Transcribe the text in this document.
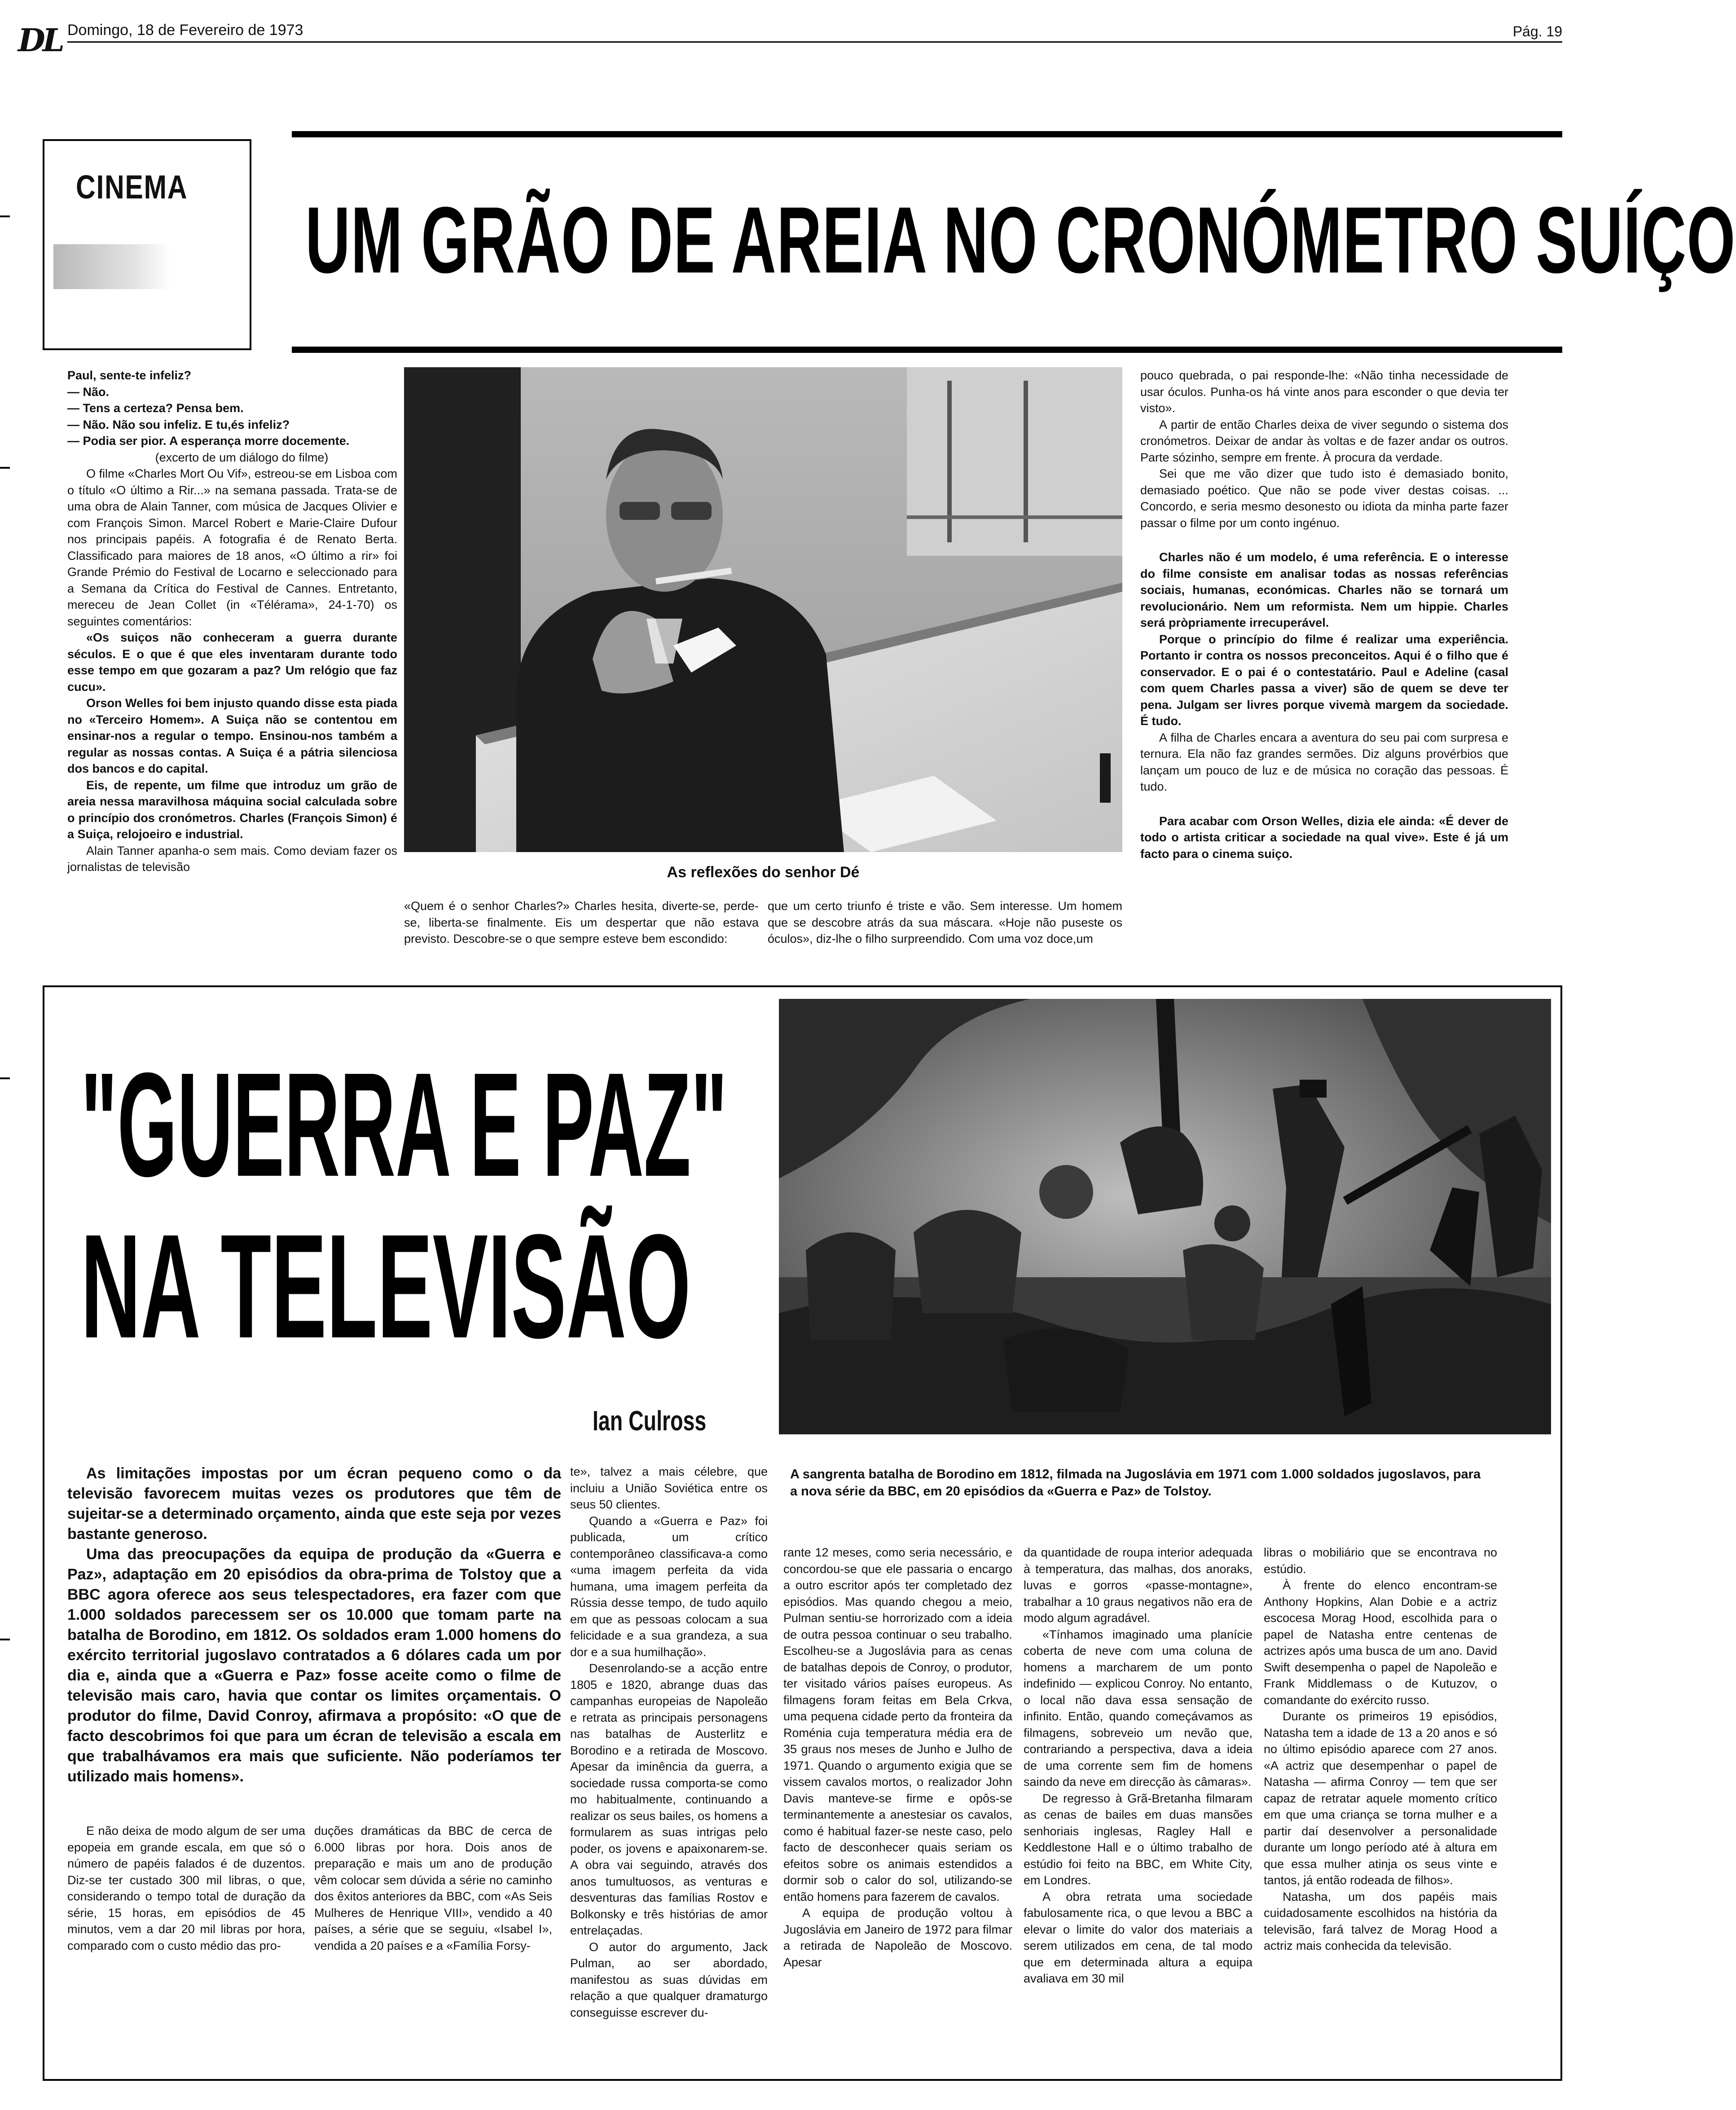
DL Domingo, 18 de Fevereiro de 1973	Pág. 19
CINEMA
UM GRÃO DE AREIA NO CRONÓMETRO SUÍÇO

Paul, sente-te infeliz?

— Não.

— Tens a certeza? Pensa bem.

— Não. Não sou infeliz. E tu,és infeliz?

— Podia ser pior. A esperança morre docemente.

(excerto de um diálogo do filme)

O filme «Charles Mort Ou Vif», estreou-se em Lisboa com o título «O último a Rir...» na semana passada. Trata-se de uma obra de Alain Tanner, com música de Jacques Olivier e com François Simon. Marcel Robert e Marie-Claire Dufour nos principais papéis. A fotografia é de Renato Berta. Classificado para maiores de 18 anos, «O último a rir» foi Grande Prémio do Festival de Locarno e seleccionado para a Semana da Crítica do Festival de Cannes. Entretanto, mereceu de Jean Collet (in «Télérama», 24-1-70) os seguintes comentários:

«Os suiços não conheceram a guerra durante séculos. E o que é que eles inventaram durante todo esse tempo em que gozaram a paz? Um relógio que faz cucu».

Orson Welles foi bem injusto quando disse esta piada no «Terceiro Homem». A Suiça não se contentou em ensinar-nos a regular o tempo. Ensinou-nos também a regular as nossas contas. A Suiça é a pátria silenciosa dos bancos e do capital.

Eis, de repente, um filme que introduz um grão de areia nessa maravilhosa máquina social calculada sobre o princípio dos cronómetros. Charles (François Simon) é a Suiça, relojoeiro e industrial.

Alain Tanner apanha-o sem mais. Como deviam fazer os jornalistas de televisão	As reflexões do senhor Dé

«Quem é o senhor Charles?» Charles hesita, diverte-se, perde-se, liberta-se finalmente. Eis um despertar que não estava previsto. Descobre-se o que sempre esteve bem escondido:

que um certo triunfo é triste e vão. Sem interesse. Um homem que se descobre atrás da sua máscara. «Hoje não puseste os óculos», diz-lhe o filho surpreendido. Com uma voz doce,um

pouco quebrada, o pai responde-lhe: «Não tinha necessidade de usar óculos. Punha-os há vinte anos para esconder o que devia ter visto».

A partir de então Charles deixa de viver segundo o sistema dos cronómetros. Deixar de andar às voltas e de fazer andar os outros. Parte sózinho, sempre em frente. À procura da verdade.

Sei que me vão dizer que tudo isto é demasiado bonito, demasiado poético. Que não se pode viver destas coisas. ... Concordo, e seria mesmo desonesto ou idiota da minha parte fazer passar o filme por um conto ingénuo.

Charles não é um modelo, é uma referência. E o interesse do filme consiste em analisar todas as nossas referências sociais, humanas, económicas. Charles não se tornará um revolucionário. Nem um reformista. Nem um hippie. Charles será pròpriamente irrecuperável.

Porque o princípio do filme é realizar uma experiência. Portanto ir contra os nossos preconceitos. Aqui é o filho que é conservador. E o pai é o contestatário. Paul e Adeline (casal com quem Charles passa a viver) são de quem se deve ter pena. Julgam ser livres porque vivemà margem da sociedade. É tudo.

A filha de Charles encara a aventura do seu pai com surpresa e ternura. Ela não faz grandes sermões. Diz alguns provérbios que lançam um pouco de luz e de música no coração das pessoas. É tudo.

Para acabar com Orson Welles, dizia ele ainda: «É dever de todo o artista criticar a sociedade na qual vive». Este é já um facto para o cinema suiço.

"GUERRA E PAZ"
NA TELEVISÃO
Ian Culross
A sangrenta batalha de Borodino em 1812, filmada na Jugoslávia em 1971 com 1.000 soldados jugoslavos, para a nova série da BBC, em 20 episódios da «Guerra e Paz» de Tolstoy.

As limitações impostas por um écran pequeno como o da televisão favorecem muitas vezes os produtores que têm de sujeitar-se a determinado orçamento, ainda que este seja por vezes bastante generoso.

Uma das preocupações da equipa de produção da «Guerra e Paz», adaptação em 20 episódios da obra-prima de Tolstoy que a BBC agora oferece aos seus telespectadores, era fazer com que 1.000 soldados parecessem ser os 10.000 que tomam parte na batalha de Borodino, em 1812. Os soldados eram 1.000 homens do exército territorial jugoslavo contratados a 6 dólares cada um por dia e, ainda que a «Guerra e Paz» fosse aceite como o filme de televisão mais caro, havia que contar os limites orçamentais. O produtor do filme, David Conroy, afirmava a propósito: «O que de facto descobrimos foi que para um écran de televisão a escala em que trabalhávamos era mais que suficiente. Não poderíamos ter utilizado mais homens».

E não deixa de modo algum de ser uma epopeia em grande escala, em que só o número de papéis falados é de duzentos. Diz-se ter custado 300 mil libras, o que, considerando o tempo total de duração da série, 15 horas, em episódios de 45 minutos, vem a dar 20 mil libras por hora, comparado com o custo médio das pro-

duções dramáticas da BBC de cerca de 6.000 libras por hora. Dois anos de preparação e mais um ano de produção vêm colocar sem dúvida a série no caminho dos êxitos anteriores da BBC, com «As Seis Mulheres de Henrique VIII», vendido a 40 países, a série que se seguiu, «Isabel I», vendida a 20 países e a «Família Forsy-

te», talvez a mais célebre, que incluiu a União Soviética entre os seus 50 clientes.

Quando a «Guerra e Paz» foi publicada, um crítico contemporâneo classificava-a como «uma imagem perfeita da vida humana, uma imagem perfeita da Rússia desse tempo, de tudo aquilo em que as pessoas colocam a sua felicidade e a sua grandeza, a sua dor e a sua humilhação».

Desenrolando-se a acção entre 1805 e 1820, abrange duas das campanhas europeias de Napoleão e retrata as principais personagens nas batalhas de Austerlitz e Borodino e a retirada de Moscovo. Apesar da iminência da guerra, a sociedade russa comporta-se como mo habitualmente, continuando a realizar os seus bailes, os homens a formularem as suas intrigas pelo poder, os jovens e apaixonarem-se. A obra vai seguindo, através dos anos tumultuosos, as venturas e desventuras das famílias Rostov e Bolkonsky e três histórias de amor entrelaçadas.

O autor do argumento, Jack Pulman, ao ser abordado, manifestou as suas dúvidas em relação a que qualquer dramaturgo conseguisse escrever du-

rante 12 meses, como seria necessário, e concordou-se que ele passaria o encargo a outro escritor após ter completado dez episódios. Mas quando chegou a meio, Pulman sentiu-se horrorizado com a ideia de outra pessoa continuar o seu trabalho. Escolheu-se a Jugoslávia para as cenas de batalhas depois de Conroy, o produtor, ter visitado vários países europeus. As filmagens foram feitas em Bela Crkva, uma pequena cidade perto da fronteira da Roménia cuja temperatura média era de 35 graus nos meses de Junho e Julho de 1971. Quando o argumento exigia que se vissem cavalos mortos, o realizador John Davis manteve-se firme e opôs-se terminantemente a anestesiar os cavalos, como é habitual fazer-se neste caso, pelo facto de desconhecer quais seriam os efeitos sobre os animais estendidos a dormir sob o calor do sol, utilizando-se então homens para fazerem de cavalos.

A equipa de produção voltou à Jugoslávia em Janeiro de 1972 para filmar a retirada de Napoleão de Moscovo. Apesar

da quantidade de roupa interior adequada à temperatura, das malhas, dos anoraks, luvas e gorros «passe-montagne», trabalhar a 10 graus negativos não era de modo algum agradável.

«Tínhamos imaginado uma planície coberta de neve com uma coluna de homens a marcharem de um ponto indefinido — explicou Conroy. No entanto, o local não dava essa sensação de infinito. Então, quando começávamos as filmagens, sobreveio um nevão que, contrariando a perspectiva, dava a ideia de uma corrente sem fim de homens saindo da neve em direcção às câmaras».

De regresso à Grã-Bretanha filmaram as cenas de bailes em duas mansões senhoriais inglesas, Ragley Hall e Keddlestone Hall e o último trabalho de estúdio foi feito na BBC, em White City, em Londres.

A obra retrata uma sociedade fabulosamente rica, o que levou a BBC a elevar o limite do valor dos materiais a serem utilizados em cena, de tal modo que em determinada altura a equipa avaliava em 30 mil

libras o mobiliário que se encontrava no estúdio.

À frente do elenco encontram-se Anthony Hopkins, Alan Dobie e a actriz escocesa Morag Hood, escolhida para o papel de Natasha entre centenas de actrizes após uma busca de um ano. David Swift desempenha o papel de Napoleão e Frank Middlemass o de Kutuzov, o comandante do exército russo.

Durante os primeiros 19 episódios, Natasha tem a idade de 13 a 20 anos e só no último episódio aparece com 27 anos. «A actriz que desempenhar o papel de Natasha — afirma Conroy — tem que ser capaz de retratar aquele momento crítico em que uma criança se torna mulher e a partir daí desenvolver a personalidade durante um longo período até à altura em que essa mulher atinja os seus vinte e tantos, já então rodeada de filhos».

Natasha, um dos papéis mais cuidadosamente escolhidos na história da televisão, fará talvez de Morag Hood a actriz mais conhecida da televisão.
